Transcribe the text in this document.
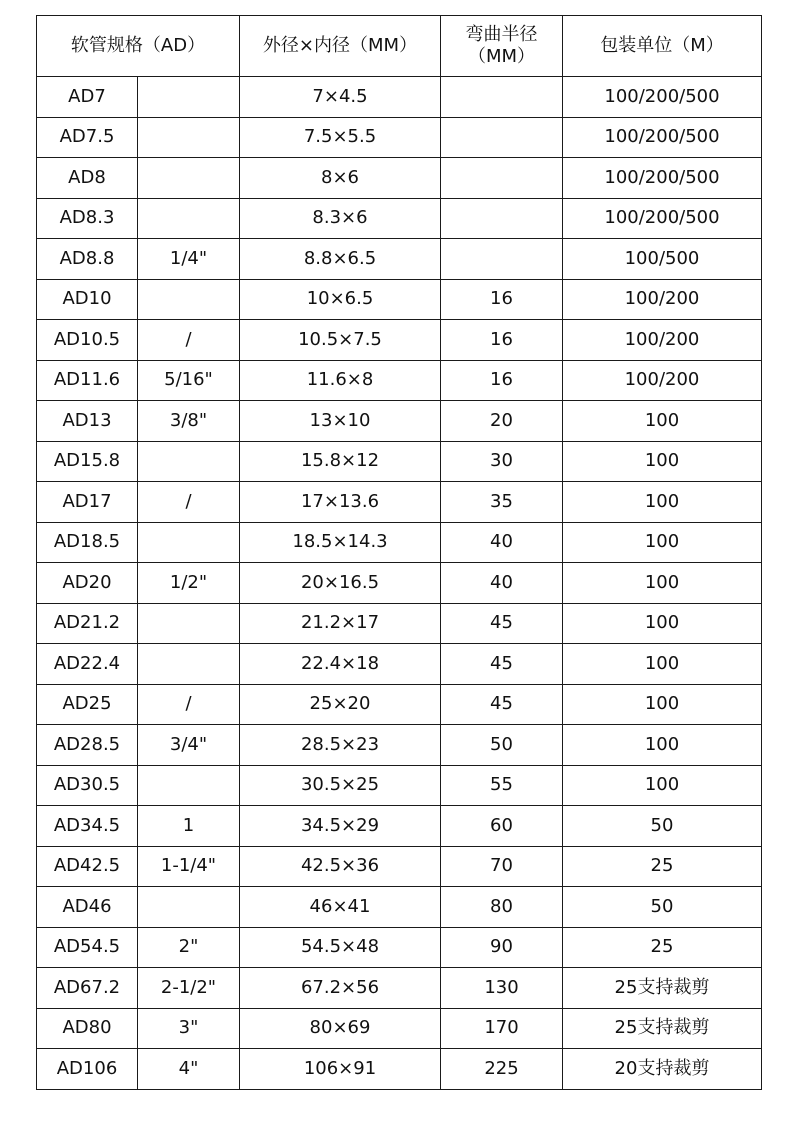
软管规格（AD）		外径×内径（MM）	弯曲半径
（MM）	包装单位（M）
AD7		7×4.5		100/200/500
AD7.5		7.5×5.5		100/200/500
AD8		8×6		100/200/500
AD8.3		8.3×6		100/200/500
AD8.8	1/4"	8.8×6.5		100/500
AD10		10×6.5	16	100/200
AD10.5	/	10.5×7.5	16	100/200
AD11.6	5/16"	11.6×8	16	100/200
AD13	3/8"	13×10	20	100
AD15.8		15.8×12	30	100
AD17	/	17×13.6	35	100
AD18.5		18.5×14.3	40	100
AD20	1/2"	20×16.5	40	100
AD21.2		21.2×17	45	100
AD22.4		22.4×18	45	100
AD25	/	25×20	45	100
AD28.5	3/4"	28.5×23	50	100
AD30.5		30.5×25	55	100
AD34.5	1	34.5×29	60	50
AD42.5	1-1/4"	42.5×36	70	25
AD46		46×41	80	50
AD54.5	2"	54.5×48	90	25
AD67.2	2-1/2"	67.2×56	130	25支持裁剪
AD80	3"	80×69	170	25支持裁剪
AD106	4"	106×91	225	20支持裁剪
